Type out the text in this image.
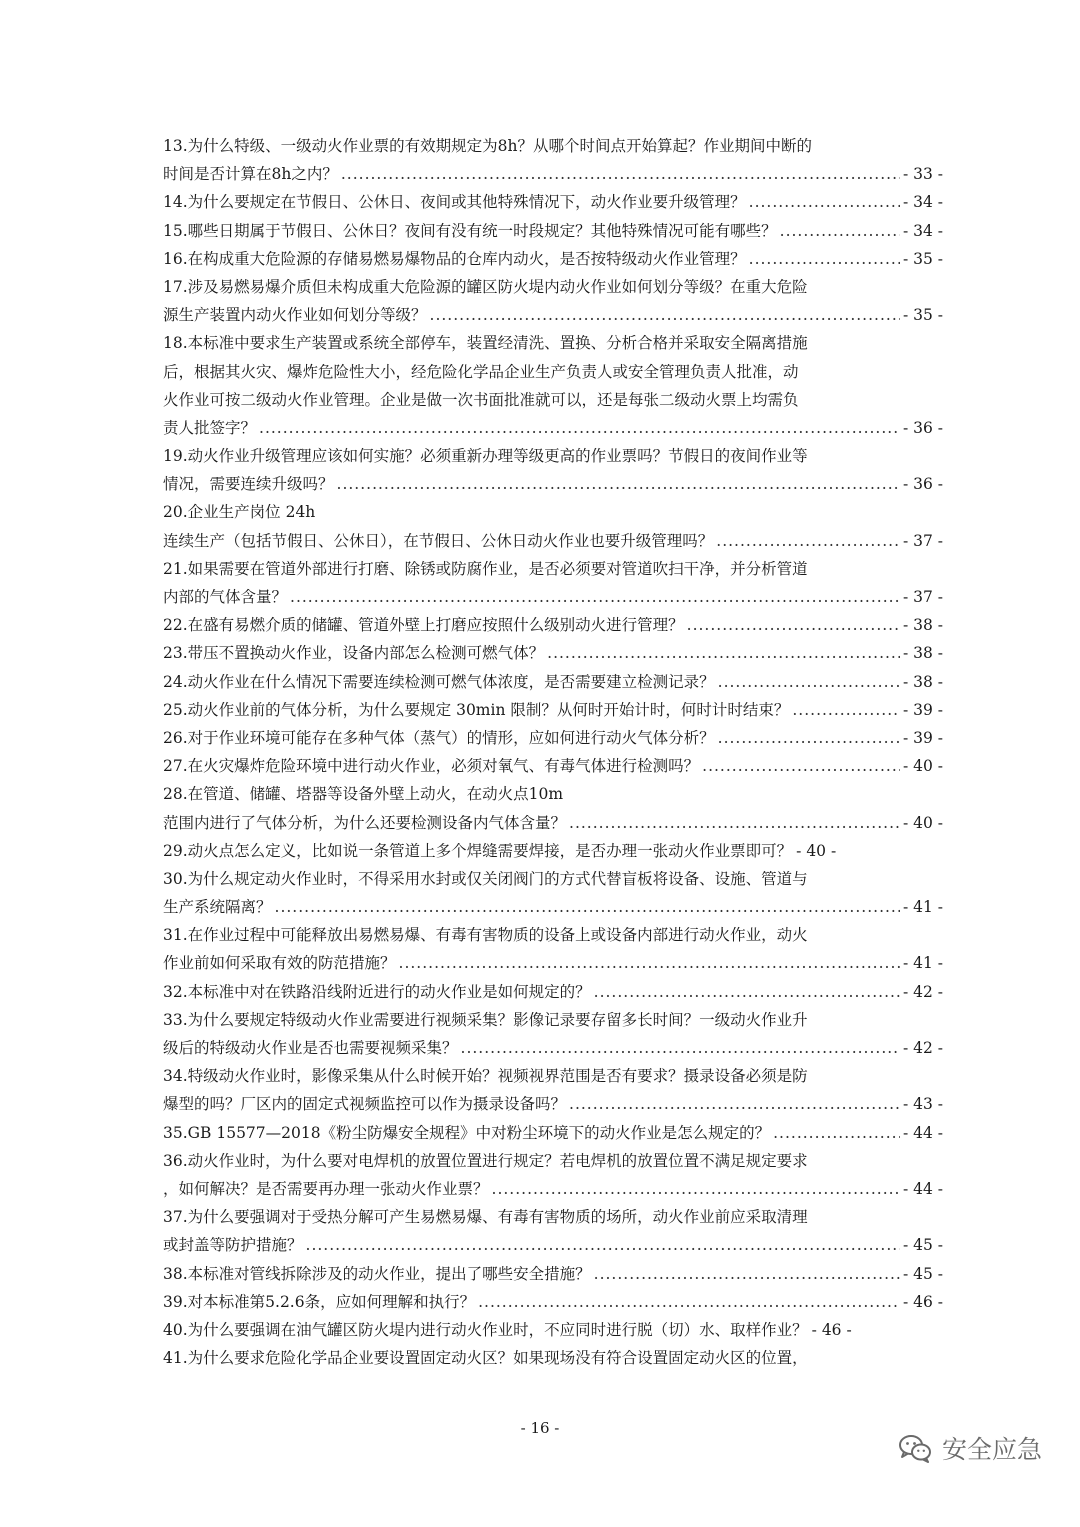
13.为什么特级、一级动火作业票的有效期规定为8h？从哪个时间点开始算起？作业期间中断的
时间是否计算在8h之内？ .....	- 33 -
14.为什么要规定在节假日、公休日、夜间或其他特殊情况下，动火作业要升级管理？ .....	- 34 -
15.哪些日期属于节假日、公休日？夜间有没有统一时段规定？其他特殊情况可能有哪些？ .....	- 34 -
16.在构成重大危险源的存储易燃易爆物品的仓库内动火，是否按特级动火作业管理？ .....	- 35 -
17.涉及易燃易爆介质但未构成重大危险源的罐区防火堤内动火作业如何划分等级？在重大危险
源生产装置内动火作业如何划分等级？ .....	- 35 -
18.本标准中要求生产装置或系统全部停车，装置经清洗、置换、分析合格并采取安全隔离措施
后，根据其火灾、爆炸危险性大小，经危险化学品企业生产负责人或安全管理负责人批准，动
火作业可按二级动火作业管理。企业是做一次书面批准就可以，还是每张二级动火票上均需负
责人批签字？ .....	- 36 -
19.动火作业升级管理应该如何实施？必须重新办理等级更高的作业票吗？节假日的夜间作业等
情况，需要连续升级吗？ .....	- 36 -
20.企业生产岗位 24h
连续生产（包括节假日、公休日），在节假日、公休日动火作业也要升级管理吗？ .....	- 37 -
21.如果需要在管道外部进行打磨、除锈或防腐作业，是否必须要对管道吹扫干净，并分析管道
内部的气体含量？ .....	- 37 -
22.在盛有易燃介质的储罐、管道外壁上打磨应按照什么级别动火进行管理？ .....	- 38 -
23.带压不置换动火作业，设备内部怎么检测可燃气体？ .....	- 38 -
24.动火作业在什么情况下需要连续检测可燃气体浓度，是否需要建立检测记录？ .....	- 38 -
25.动火作业前的气体分析，为什么要规定 30min 限制？从何时开始计时，何时计时结束？ .....	- 39 -
26.对于作业环境可能存在多种气体（蒸气）的情形，应如何进行动火气体分析？ .....	- 39 -
27.在火灾爆炸危险环境中进行动火作业，必须对氧气、有毒气体进行检测吗？ .....	- 40 -
28.在管道、储罐、塔器等设备外壁上动火，在动火点10m
范围内进行了气体分析，为什么还要检测设备内气体含量？ .....	- 40 -
29.动火点怎么定义，比如说一条管道上多个焊缝需要焊接，是否办理一张动火作业票即可？ - 40 -
30.为什么规定动火作业时，不得采用水封或仅关闭阀门的方式代替盲板将设备、设施、管道与
生产系统隔离？ .....	- 41 -
31.在作业过程中可能释放出易燃易爆、有毒有害物质的设备上或设备内部进行动火作业，动火
作业前如何采取有效的防范措施？ .....	- 41 -
32.本标准中对在铁路沿线附近进行的动火作业是如何规定的？ .....	- 42 -
33.为什么要规定特级动火作业需要进行视频采集？影像记录要存留多长时间？一级动火作业升
级后的特级动火作业是否也需要视频采集？ .....	- 42 -
34.特级动火作业时，影像采集从什么时候开始？视频视界范围是否有要求？摄录设备必须是防
爆型的吗？厂区内的固定式视频监控可以作为摄录设备吗？ .....	- 43 -
35.GB 15577—2018《粉尘防爆安全规程》中对粉尘环境下的动火作业是怎么规定的？ .....	- 44 -
36.动火作业时，为什么要对电焊机的放置位置进行规定？若电焊机的放置位置不满足规定要求
，如何解决？是否需要再办理一张动火作业票？ .....	- 44 -
37.为什么要强调对于受热分解可产生易燃易爆、有毒有害物质的场所，动火作业前应采取清理
或封盖等防护措施？ .....	- 45 -
38.本标准对管线拆除涉及的动火作业，提出了哪些安全措施？ .....	- 45 -
39.对本标准第5.2.6条，应如何理解和执行？ .....	- 46 -
40.为什么要强调在油气罐区防火堤内进行动火作业时，不应同时进行脱（切）水、取样作业？ - 46 -
41.为什么要求危险化学品企业要设置固定动火区？如果现场没有符合设置固定动火区的位置，
- 16 -
安全应急
